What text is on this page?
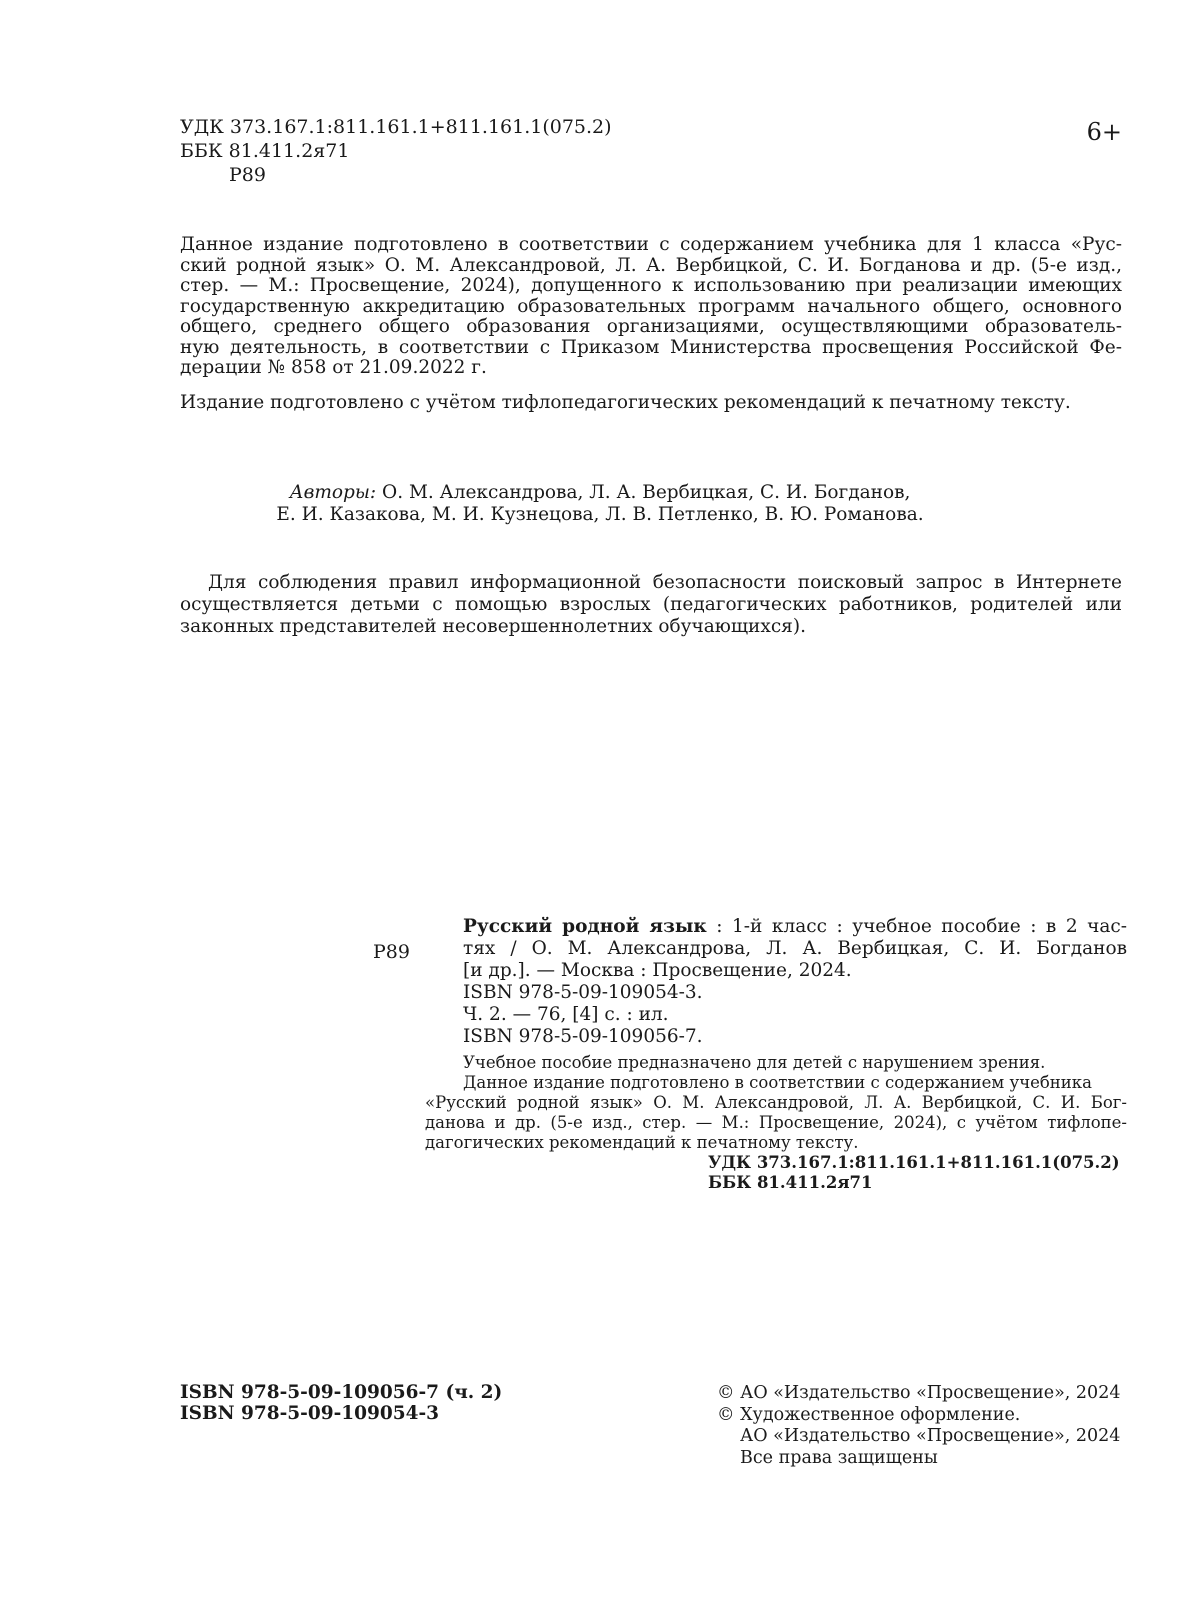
УДК 373.167.1:811.161.1+811.161.1(075.2)
ББК 81.411.2я71
Р89
6+
Данное издание подготовлено в соответствии с содержанием учебника для 1 класса «Рус-
ский родной язык» О. М. Александровой, Л. А. Вербицкой, С. И. Богданова и др. (5-е изд.,
стер. — М.: Просвещение, 2024), допущенного к использованию при реализации имеющих
государственную аккредитацию образовательных программ начального общего, основного
общего, среднего общего образования организациями, осуществляющими образователь-
ную деятельность, в соответствии с Приказом Министерства просвещения Российской Фе-
дерации № 858 от 21.09.2022 г.
Издание подготовлено с учётом тифлопедагогических рекомендаций к печатному тексту.
Авторы: О. М. Александрова, Л. А. Вербицкая, С. И. Богданов,
Е. И. Казакова, М. И. Кузнецова, Л. В. Петленко, В. Ю. Романова.
Для соблюдения правил информационной безопасности поисковый запрос в Интернете
осуществляется детьми с помощью взрослых (педагогических работников, родителей или
законных представителей несовершеннолетних обучающихся).
Р89
Русский родной язык : 1-й класс : учебное пособие : в 2 час-
тях / О. М. Александрова, Л. А. Вербицкая, С. И. Богданов
[и др.]. — Москва : Просвещение, 2024.
ISBN 978-5-09-109054-3.
Ч. 2. — 76, [4] с. : ил.
ISBN 978-5-09-109056-7.
Учебное пособие предназначено для детей с нарушением зрения.
Данное издание подготовлено в соответствии с содержанием учебника
«Русский родной язык» О. М. Александровой, Л. А. Вербицкой, С. И. Бог-
данова и др. (5-е изд., стер. — М.: Просвещение, 2024), с учётом тифлопе-
дагогических рекомендаций к печатному тексту.
УДК 373.167.1:811.161.1+811.161.1(075.2)
ББК 81.411.2я71
ISBN 978-5-09-109056-7 (ч. 2)
ISBN 978-5-09-109054-3
© АО «Издательство «Просвещение», 2024
© Художественное оформление.
АО «Издательство «Просвещение», 2024
Все права защищены
